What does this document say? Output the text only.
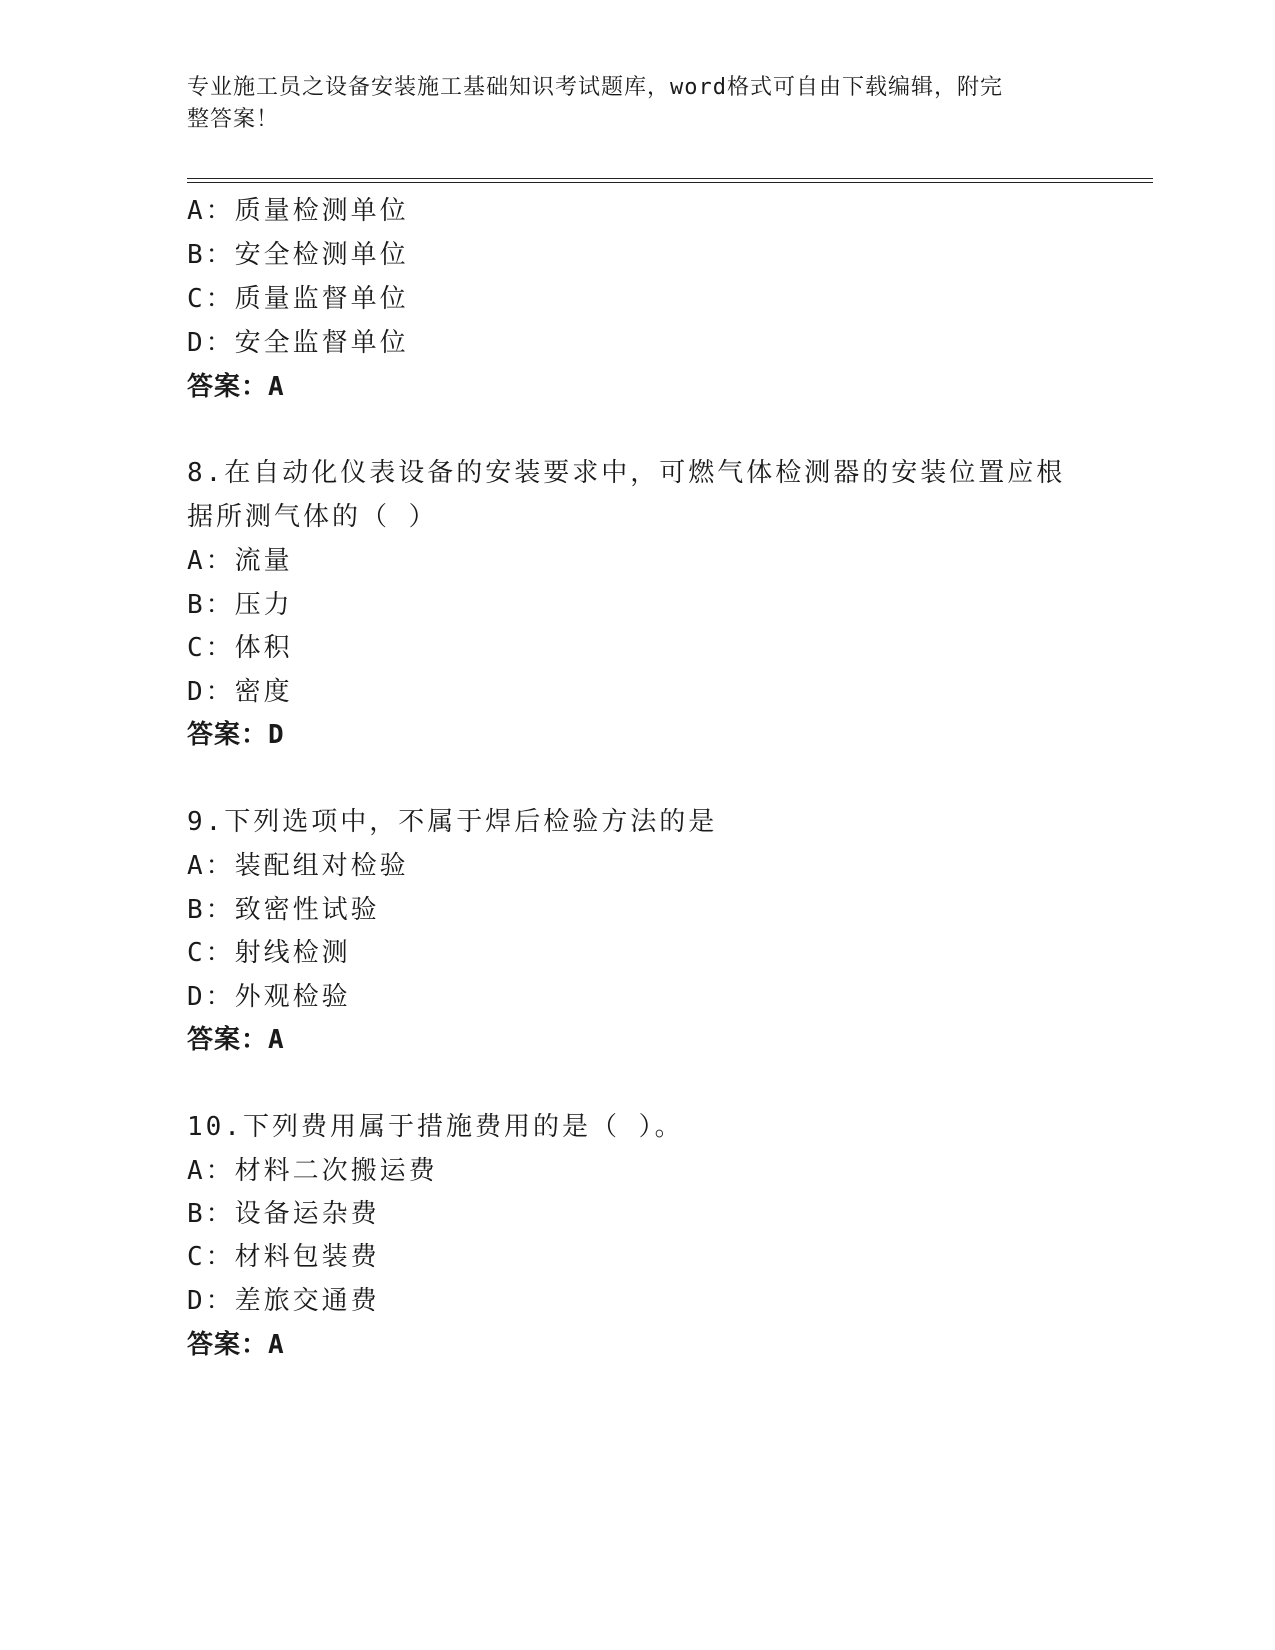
专业施工员之设备安装施工基础知识考试题库，word格式可自由下载编辑，附完
整答案！
A：质量检测单位
B：安全检测单位
C：质量监督单位
D：安全监督单位
答案：A
8.在自动化仪表设备的安装要求中，可燃气体检测器的安装位置应根
据所测气体的（ ）
A：流量
B：压力
C：体积
D：密度
答案：D
9.下列选项中，不属于焊后检验方法的是
A：装配组对检验
B：致密性试验
C：射线检测
D：外观检验
答案：A
10.下列费用属于措施费用的是（ ）。
A：材料二次搬运费
B：设备运杂费
C：材料包装费
D：差旅交通费
答案：A
